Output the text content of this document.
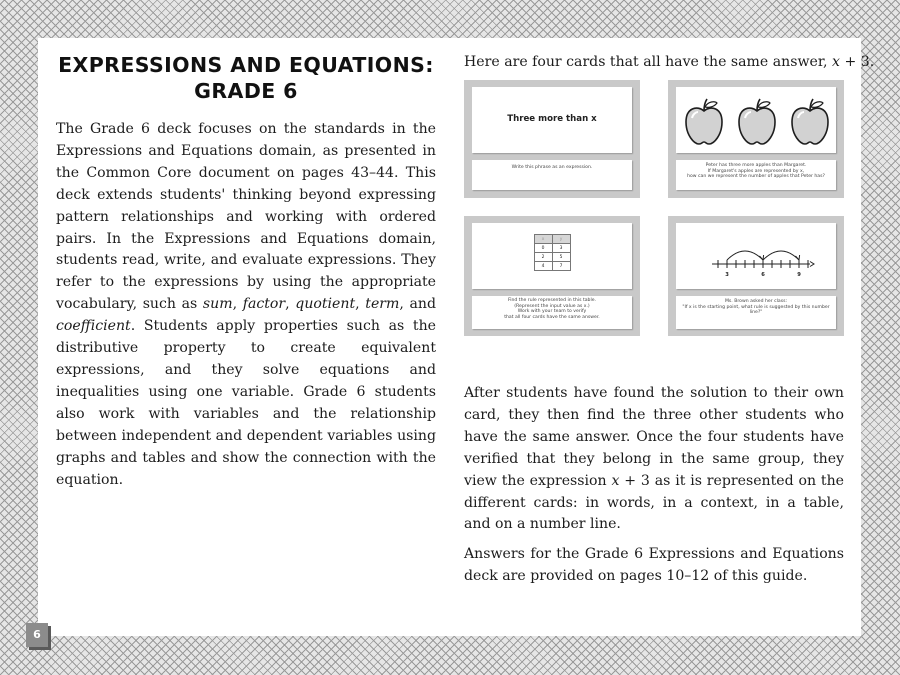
EXPRESSIONS AND EQUATIONS:
GRADE 6

The Grade 6 deck focuses on the standards in the Expressions and Equations domain, as presented in the Common Core document on pages 43–44. This deck extends students' thinking beyond expressing pattern relationships and working with ordered pairs. In the Expressions and Equations domain, students read, write, and evaluate expressions. They refer to the expressions by using the appropriate vocabulary, such as sum, factor, quotient, term, and coefficient. Students apply properties such as the distributive property to create equivalent expressions, and they solve equations and inequalities using one variable. Grade 6 students also work with variables and the relationship between independent and dependent variables using graphs and tables and show the connection with the equation.

Here are four cards that all have the same answer, x + 3.

Three more than x
Write this phrase as an expression.	Peter has three more apples than Margaret.
If Margaret's apples are represented by x,
how can we represent the number of apples that Peter has?
x	y
0	3
2	5
4	7
Find the rule represented in this table.
(Represent the input value as x.)
Work with your team to verify
that all four cards have the same answer.
3	6	9
Ms. Brown asked her class:
"If x is the starting point, what rule is suggested by this number line?"

After students have found the solution to their own card, they then find the three other students who have the same answer. Once the four students have verified that they belong in the same group, they view the expression x + 3 as it is represented on the different cards: in words, in a context, in a table, and on a number line.

Answers for the Grade 6 Expressions and Equations deck are provided on pages 10–12 of this guide.

6
